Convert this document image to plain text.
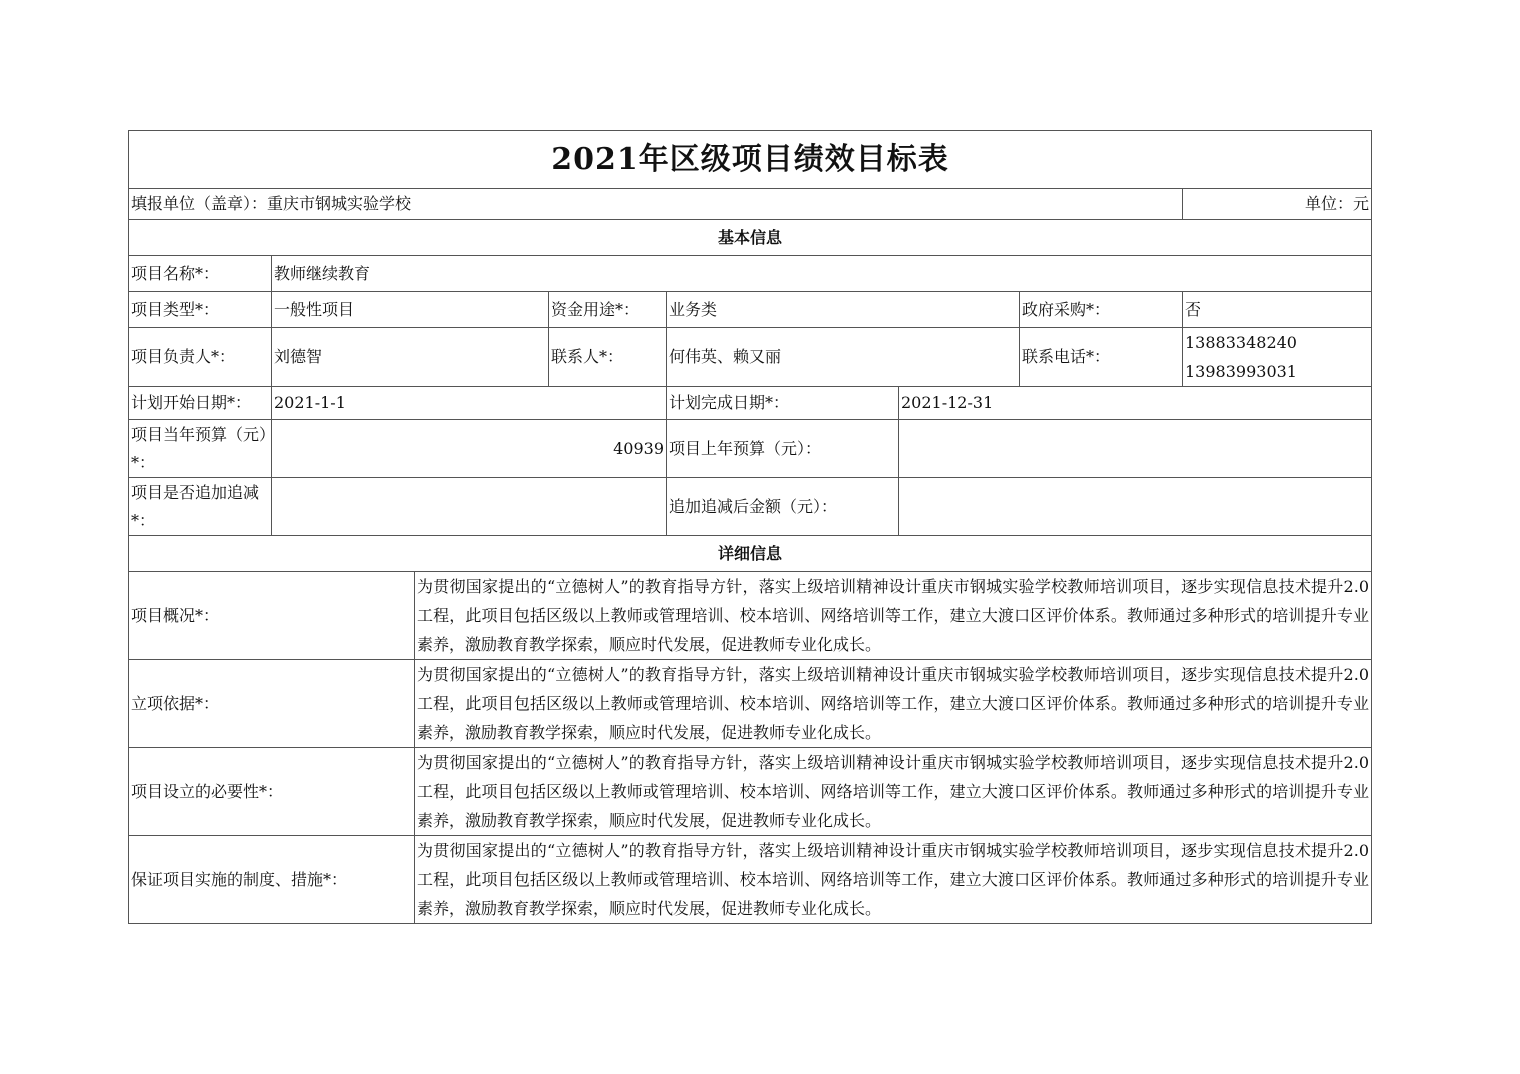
2021年区级项目绩效目标表							
填报单位（盖章）：重庆市钢城实验学校							单位：元
基本信息							
项目名称*：	教师继续教育						
项目类型*：	一般性项目		资金用途*：	业务类		政府采购*：	否
项目负责人*：	刘德智		联系人*：	何伟英、赖又丽		联系电话*：	13883348240
13983993031

计划开始日期*：	2021-1-1			计划完成日期*：	2021-12-31		
项目当年预算（元）*：	40939			项目上年预算（元）：			
项目是否追加追减*：				追加追减后金额（元）：			
详细信息							
项目概况*：		为贯彻国家提出的“立德树人”的教育指导方针，落实上级培训精神设计重庆市钢城实验学校教师培训项目，逐步实现信息技术提升2.0工程，此项目包括区级以上教师或管理培训、校本培训、网络培训等工作，建立大渡口区评价体系。教师通过多种形式的培训提升专业素养，激励教育教学探索，顺应时代发展，促进教师专业化成长。					
立项依据*：		为贯彻国家提出的“立德树人”的教育指导方针，落实上级培训精神设计重庆市钢城实验学校教师培训项目，逐步实现信息技术提升2.0工程，此项目包括区级以上教师或管理培训、校本培训、网络培训等工作，建立大渡口区评价体系。教师通过多种形式的培训提升专业素养，激励教育教学探索，顺应时代发展，促进教师专业化成长。					
项目设立的必要性*：		为贯彻国家提出的“立德树人”的教育指导方针，落实上级培训精神设计重庆市钢城实验学校教师培训项目，逐步实现信息技术提升2.0工程，此项目包括区级以上教师或管理培训、校本培训、网络培训等工作，建立大渡口区评价体系。教师通过多种形式的培训提升专业素养，激励教育教学探索，顺应时代发展，促进教师专业化成长。					
保证项目实施的制度、措施*：		为贯彻国家提出的“立德树人”的教育指导方针，落实上级培训精神设计重庆市钢城实验学校教师培训项目，逐步实现信息技术提升2.0工程，此项目包括区级以上教师或管理培训、校本培训、网络培训等工作，建立大渡口区评价体系。教师通过多种形式的培训提升专业素养，激励教育教学探索，顺应时代发展，促进教师专业化成长。					
